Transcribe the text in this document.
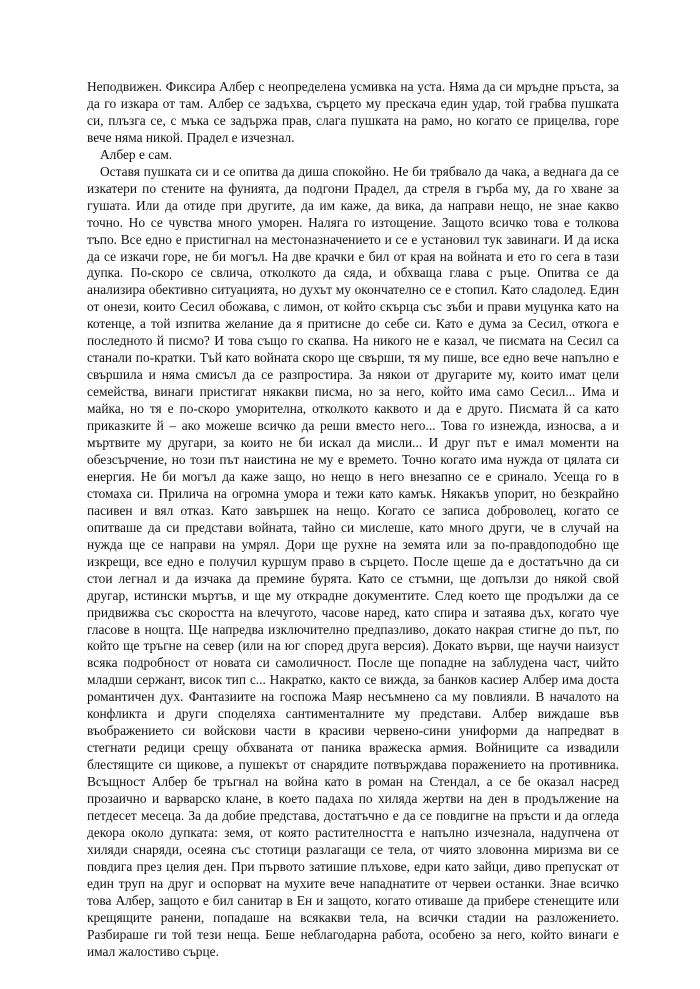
Неподвижен. Фиксира Албер с неопределена усмивка на уста. Няма да си мръдне пръста, за да го изкара от там. Албер се задъхва, сърцето му прескача един удар, той грабва пушката си, плъзга се, с мъка се задържа прав, слага пушката на рамо, но когато се прицелва, горе вече няма никой. Прадел е изчезнал.

Албер е сам.

Оставя пушката си и се опитва да диша спокойно. Не би трябвало да чака, а веднага да се изкатери по стените на фунията, да подгони Прадел, да стреля в гърба му, да го хване за гушата. Или да отиде при другите, да им каже, да вика, да направи нещо, не знае какво точно. Но се чувства много уморен. Наляга го изтощение. Защото всичко това е толкова тъпо. Все едно е пристигнал на местоназначението и се е установил тук завинаги. И да иска да се изкачи горе, не би могъл. На две крачки е бил от края на войната и ето го сега в тази дупка. По-скоро се свлича, отколкото да сяда, и обхваща глава с ръце. Опитва се да анализира обективно ситуацията, но духът му окончателно се е стопил. Като сладолед. Един от онези, които Сесил обожава, с лимон, от който скърца със зъби и прави муцунка като на котенце, а той изпитва желание да я притисне до себе си. Като е дума за Сесил, откога е последното й писмо? И това също го скапва. На никого не е казал, че писмата на Сесил са станали по-кратки. Тъй като войната скоро ще свърши, тя му пише, все едно вече напълно е свършила и няма смисъл да се разпростира. За някои от другарите му, които имат цели семейства, винаги пристигат някакви писма, но за него, който има само Сесил... Има и майка, но тя е по-скоро уморителна, отколкото каквото и да е друго. Писмата й са като приказките й – ако можеше всичко да реши вместо него... Това го изнежда, износва, а и мъртвите му другари, за които не би искал да мисли... И друг път е имал моменти на обезсърчение, но този път наистина не му е времето. Точно когато има нужда от цялата си енергия. Не би могъл да каже защо, но нещо в него внезапно се е сринало. Усеща го в стомаха си. Прилича на огромна умора и тежи като камък. Някакъв упорит, но безкрайно пасивен и вял отказ. Като завършек на нещо. Когато се записа доброволец, когато се опитваше да си представи войната, тайно си мислеше, като много други, че в случай на нужда ще се направи на умрял. Дори ще рухне на земята или за по-правдоподобно ще изкрещи, все едно е получил куршум право в сърцето. После щеше да е достатъчно да си стои легнал и да изчака да премине бурята. Като се стъмни, ще допълзи до някой свой другар, истински мъртъв, и ще му открадне документите. След което ще продължи да се придвижва със скоростта на влечугото, часове наред, като спира и затаява дъх, когато чуе гласове в нощта. Ще напредва изключително предпазливо, докато накрая стигне до път, по който ще тръгне на север (или на юг според друга версия). Докато върви, ще научи наизуст всяка подробност от новата си самоличност. После ще попадне на заблудена част, чийто младши сержант, висок тип с... Накратко, както се вижда, за банков касиер Албер има доста романтичен дух. Фантазиите на госпожа Маяр несъмнено са му повлияли. В началото на конфликта и други споделяха сантименталните му представи. Албер виждаше във въображението си войскови части в красиви червено-сини униформи да напредват в стегнати редици срещу обхваната от паника вражеска армия. Войниците са извадили блестящите си щикове, а пушекът от снарядите потвърждава поражението на противника. Всъщност Албер бе тръгнал на война като в роман на Стендал, а се бе оказал насред прозаично и варварско клане, в което падаха по хиляда жертви на ден в продължение на петдесет месеца. За да добие представа, достатъчно е да се повдигне на пръсти и да огледа декора около дупката: земя, от която растителността е напълно изчезнала, надупчена от хиляди снаряди, осеяна със стотици разлагащи се тела, от чиято зловонна миризма ви се повдига през целия ден. При първото затишие плъхове, едри като зайци, диво препускат от един труп на друг и оспорват на мухите вече нападнатите от червеи останки. Знае всичко това Албер, защото е бил санитар в Ен и защото, когато отиваше да прибере стенещите или крещящите ранени, попадаше на всякакви тела, на всички стадии на разложението. Разбираше ги той тези неща. Беше неблагодарна работа, особено за него, който винаги е имал жалостиво сърце.
